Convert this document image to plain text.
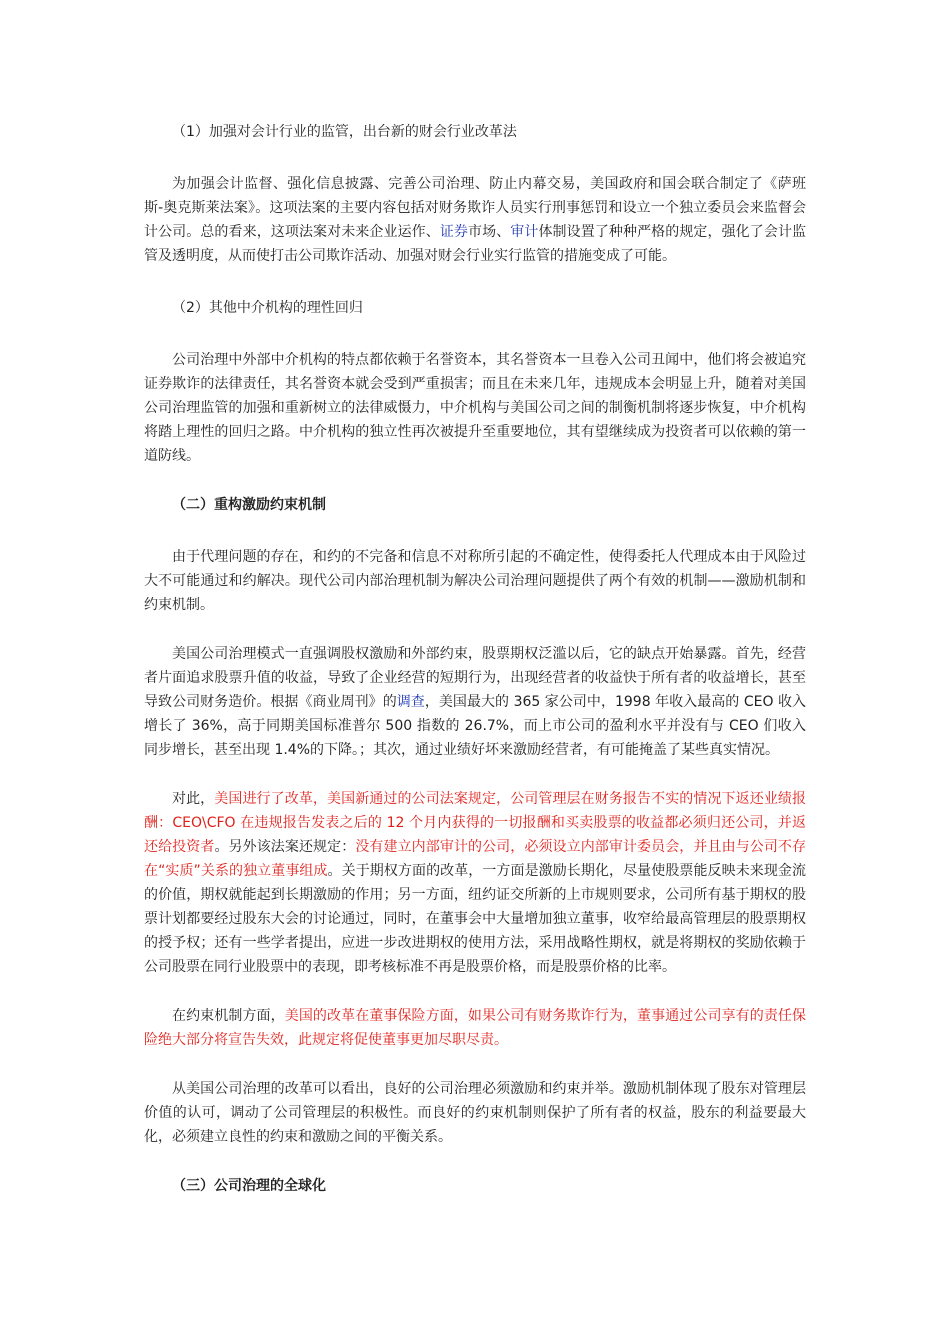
（1）加强对会计行业的监管，出台新的财会行业改革法

为加强会计监督、强化信息披露、完善公司治理、防止内幕交易，美国政府和国会联合制定了《萨班斯-奥克斯莱法案》。这项法案的主要内容包括对财务欺诈人员实行刑事惩罚和设立一个独立委员会来监督会计公司。总的看来，这项法案对未来企业运作、证券市场、审计体制设置了种种严格的规定，强化了会计监管及透明度，从而使打击公司欺诈活动、加强对财会行业实行监管的措施变成了可能。

（2）其他中介机构的理性回归

公司治理中外部中介机构的特点都依赖于名誉资本，其名誉资本一旦卷入公司丑闻中，他们将会被追究证券欺诈的法律责任，其名誉资本就会受到严重损害；而且在未来几年，违规成本会明显上升，随着对美国公司治理监管的加强和重新树立的法律威慑力，中介机构与美国公司之间的制衡机制将逐步恢复，中介机构将踏上理性的回归之路。中介机构的独立性再次被提升至重要地位，其有望继续成为投资者可以依赖的第一道防线。

（二）重构激励约束机制

由于代理问题的存在，和约的不完备和信息不对称所引起的不确定性，使得委托人代理成本由于风险过大不可能通过和约解决。现代公司内部治理机制为解决公司治理问题提供了两个有效的机制——激励机制和约束机制。

美国公司治理模式一直强调股权激励和外部约束，股票期权泛滥以后，它的缺点开始暴露。首先，经营者片面追求股票升值的收益，导致了企业经营的短期行为，出现经营者的收益快于所有者的收益增长，甚至导致公司财务造价。根据《商业周刊》的调查，美国最大的 365 家公司中，1998 年收入最高的 CEO 收入增长了 36%，高于同期美国标准普尔 500 指数的 26.7%，而上市公司的盈利水平并没有与 CEO 们收入同步增长，甚至出现 1.4%的下降。；其次，通过业绩好坏来激励经营者，有可能掩盖了某些真实情况。

对此，美国进行了改革，美国新通过的公司法案规定，公司管理层在财务报告不实的情况下返还业绩报酬：CEO\CFO 在违规报告发表之后的 12 个月内获得的一切报酬和买卖股票的收益都必须归还公司，并返还给投资者。另外该法案还规定：没有建立内部审计的公司，必须设立内部审计委员会，并且由与公司不存在“实质”关系的独立董事组成。关于期权方面的改革，一方面是激励长期化，尽量使股票能反映未来现金流的价值，期权就能起到长期激励的作用；另一方面，纽约证交所新的上市规则要求，公司所有基于期权的股票计划都要经过股东大会的讨论通过，同时，在董事会中大量增加独立董事，收窄给最高管理层的股票期权的授予权；还有一些学者提出，应进一步改进期权的使用方法，采用战略性期权，就是将期权的奖励依赖于公司股票在同行业股票中的表现，即考核标准不再是股票价格，而是股票价格的比率。

在约束机制方面，美国的改革在董事保险方面，如果公司有财务欺诈行为，董事通过公司享有的责任保险绝大部分将宣告失效，此规定将促使董事更加尽职尽责。

从美国公司治理的改革可以看出，良好的公司治理必须激励和约束并举。激励机制体现了股东对管理层价值的认可，调动了公司管理层的积极性。而良好的约束机制则保护了所有者的权益，股东的利益要最大化，必须建立良性的约束和激励之间的平衡关系。

（三）公司治理的全球化
